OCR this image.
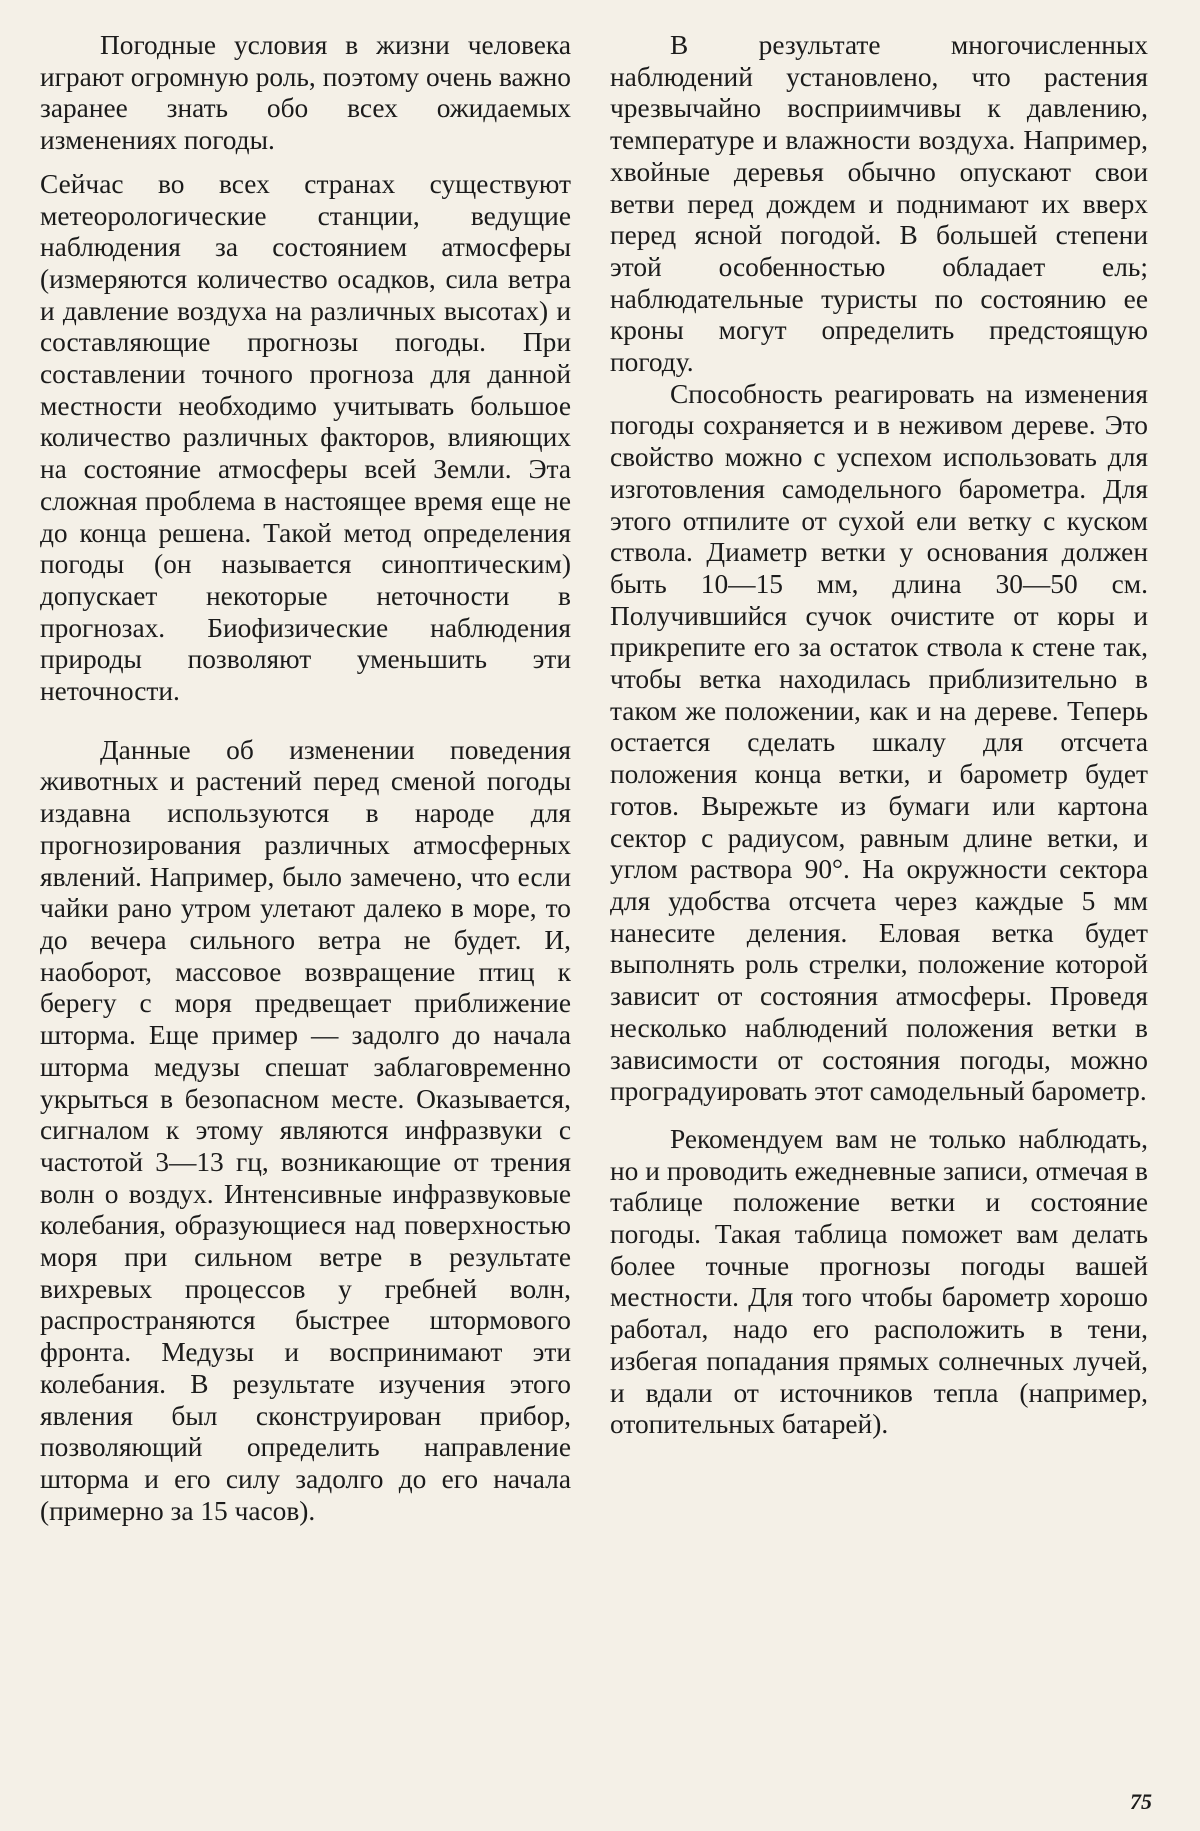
Погодные условия в жизни человека играют огромную роль, поэтому очень важно заранее знать обо всех ожидаемых изменениях погоды.

Сейчас во всех странах существуют метеорологические станции, ведущие наблюдения за состоянием атмосферы (измеряются количество осадков, сила ветра и давление воздуха на различных высотах) и составляющие прогнозы погоды. При составлении точного прогноза для данной местности необходимо учитывать большое количество различных факторов, влияющих на состояние атмосферы всей Земли. Эта сложная проблема в настоящее время еще не до конца решена. Такой метод определения погоды (он называется синоптическим) допускает некоторые неточности в прогнозах. Биофизические наблюдения природы позволяют уменьшить эти неточности.

Данные об изменении поведения животных и растений перед сменой погоды издавна используются в народе для прогнозирования различных атмосферных явлений. Например, было замечено, что если чайки рано утром улетают далеко в море, то до вечера сильного ветра не будет. И, наоборот, массовое возвращение птиц к берегу с моря предвещает приближение шторма. Еще пример — задолго до начала шторма медузы спешат заблаговременно укрыться в безопасном месте. Оказывается, сигналом к этому являются инфразвуки с частотой 3—13 гц, возникающие от трения волн о воздух. Интенсивные инфразвуковые колебания, образующиеся над поверхностью моря при сильном ветре в результате вихревых процессов у гребней волн, распространяются быстрее штормового фронта. Медузы и воспринимают эти колебания. В результате изучения этого явления был сконструирован прибор, позволяющий определить направление шторма и его силу задолго до его начала (примерно за 15 часов).

В результате многочисленных наблюдений установлено, что растения чрезвычайно восприимчивы к давлению, температуре и влажности воздуха. Например, хвойные деревья обычно опускают свои ветви перед дождем и поднимают их вверх перед ясной погодой. В большей степени этой особенностью обладает ель; наблюдательные туристы по состоянию ее кроны могут определить предстоящую погоду.

Способность реагировать на изменения погоды сохраняется и в неживом дереве. Это свойство можно с успехом использовать для изготовления самодельного барометра. Для этого отпилите от сухой ели ветку с куском ствола. Диаметр ветки у основания должен быть 10—15 мм, длина 30—50 см. Получившийся сучок очистите от коры и прикрепите его за остаток ствола к стене так, чтобы ветка находилась приблизительно в таком же положении, как и на дереве. Теперь остается сделать шкалу для отсчета положения конца ветки, и барометр будет готов. Вырежьте из бумаги или картона сектор с радиусом, равным длине ветки, и углом раствора 90°. На окружности сектора для удобства отсчета через каждые 5 мм нанесите деления. Еловая ветка будет выполнять роль стрелки, положение которой зависит от состояния атмосферы. Проведя несколько наблюдений положения ветки в зависимости от состояния погоды, можно проградуировать этот самодельный барометр.

Рекомендуем вам не только наблюдать, но и проводить ежедневные записи, отмечая в таблице положение ветки и состояние погоды. Такая таблица поможет вам делать более точные прогнозы погоды вашей местности. Для того чтобы барометр хорошо работал, надо его расположить в тени, избегая попадания прямых солнечных лучей, и вдали от источников тепла (например, отопительных батарей).

75
